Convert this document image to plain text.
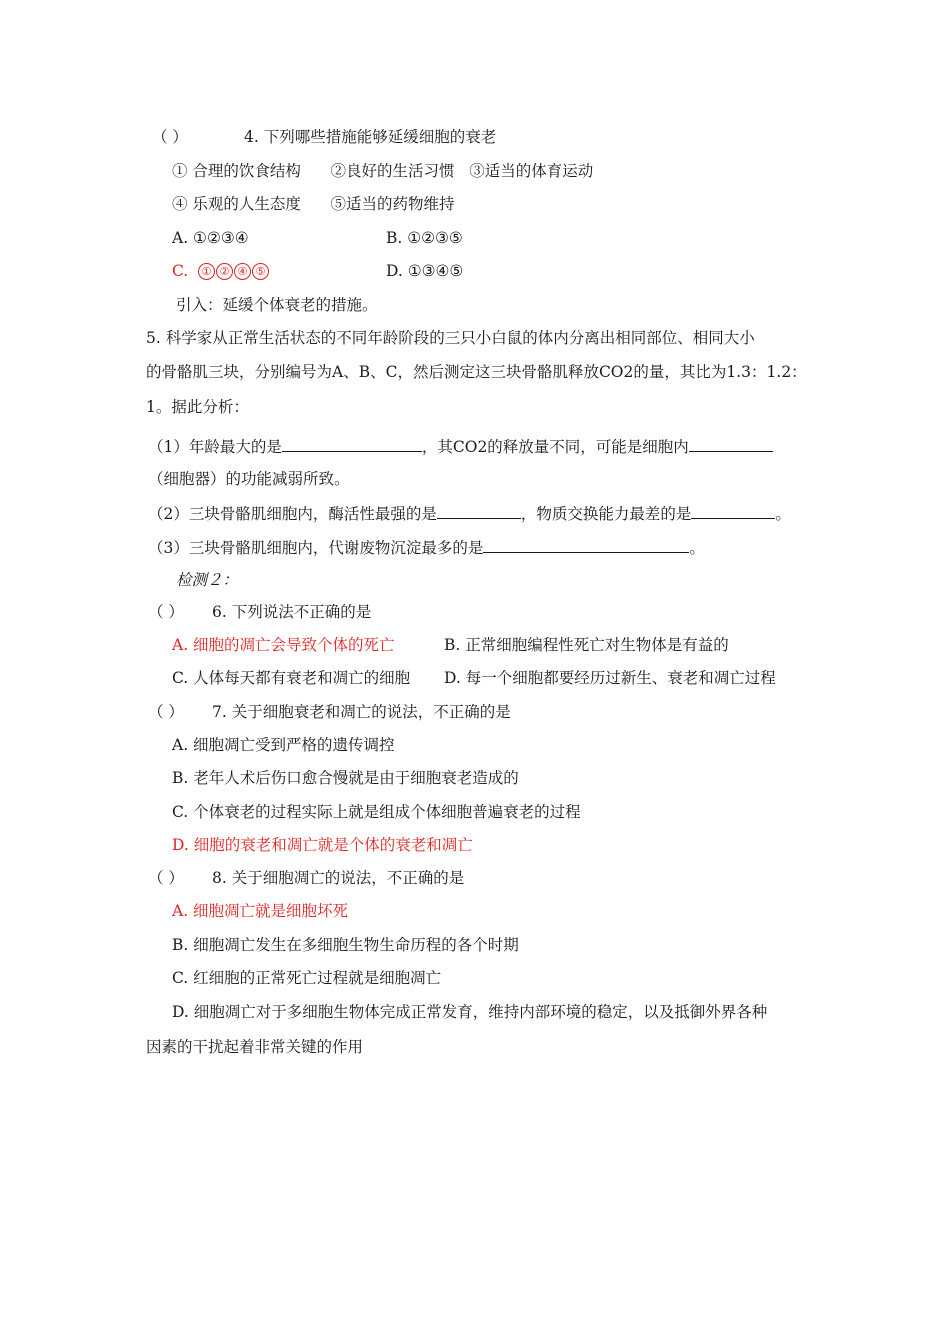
（ ）	4. 下列哪些措施能够延缓细胞的衰老
① 合理的饮食结构      ②良好的生活习惯   ③适当的体育运动
④ 乐观的人生态度      ⑤适当的药物维持
A. ①②③④	B. ①②③⑤
C. ① ② ④ ⑤	D. ①③④⑤
引入：延缓个体衰老的措施。
5. 科学家从正常生活状态的不同年龄阶段的三只小白鼠的体内分离出相同部位、相同大小
的骨骼肌三块，分别编号为A、B、C，然后测定这三块骨骼肌释放CO2的量，其比为1.3：1.2：
1。据此分析：
（1）年龄最大的是	，其CO2的释放量不同，可能是细胞内
（细胞器）的功能减弱所致。
（2）三块骨骼肌细胞内，酶活性最强的是	，物质交换能力最差的是	。
（3）三块骨骼肌细胞内，代谢废物沉淀最多的是	。
检测２：
（ ） 6. 下列说法不正确的是
A. 细胞的凋亡会导致个体的死亡	B. 正常细胞编程性死亡对生物体是有益的
C. 人体每天都有衰老和凋亡的细胞 D. 每一个细胞都要经历过新生、衰老和凋亡过程
（ ） 7. 关于细胞衰老和凋亡的说法，不正确的是
A. 细胞凋亡受到严格的遗传调控
B. 老年人术后伤口愈合慢就是由于细胞衰老造成的
C. 个体衰老的过程实际上就是组成个体细胞普遍衰老的过程
D. 细胞的衰老和凋亡就是个体的衰老和凋亡
（ ） 8. 关于细胞凋亡的说法，不正确的是
A. 细胞凋亡就是细胞坏死
B. 细胞凋亡发生在多细胞生物生命历程的各个时期
C. 红细胞的正常死亡过程就是细胞凋亡
D. 细胞凋亡对于多细胞生物体完成正常发育，维持内部环境的稳定，以及抵御外界各种
因素的干扰起着非常关键的作用
